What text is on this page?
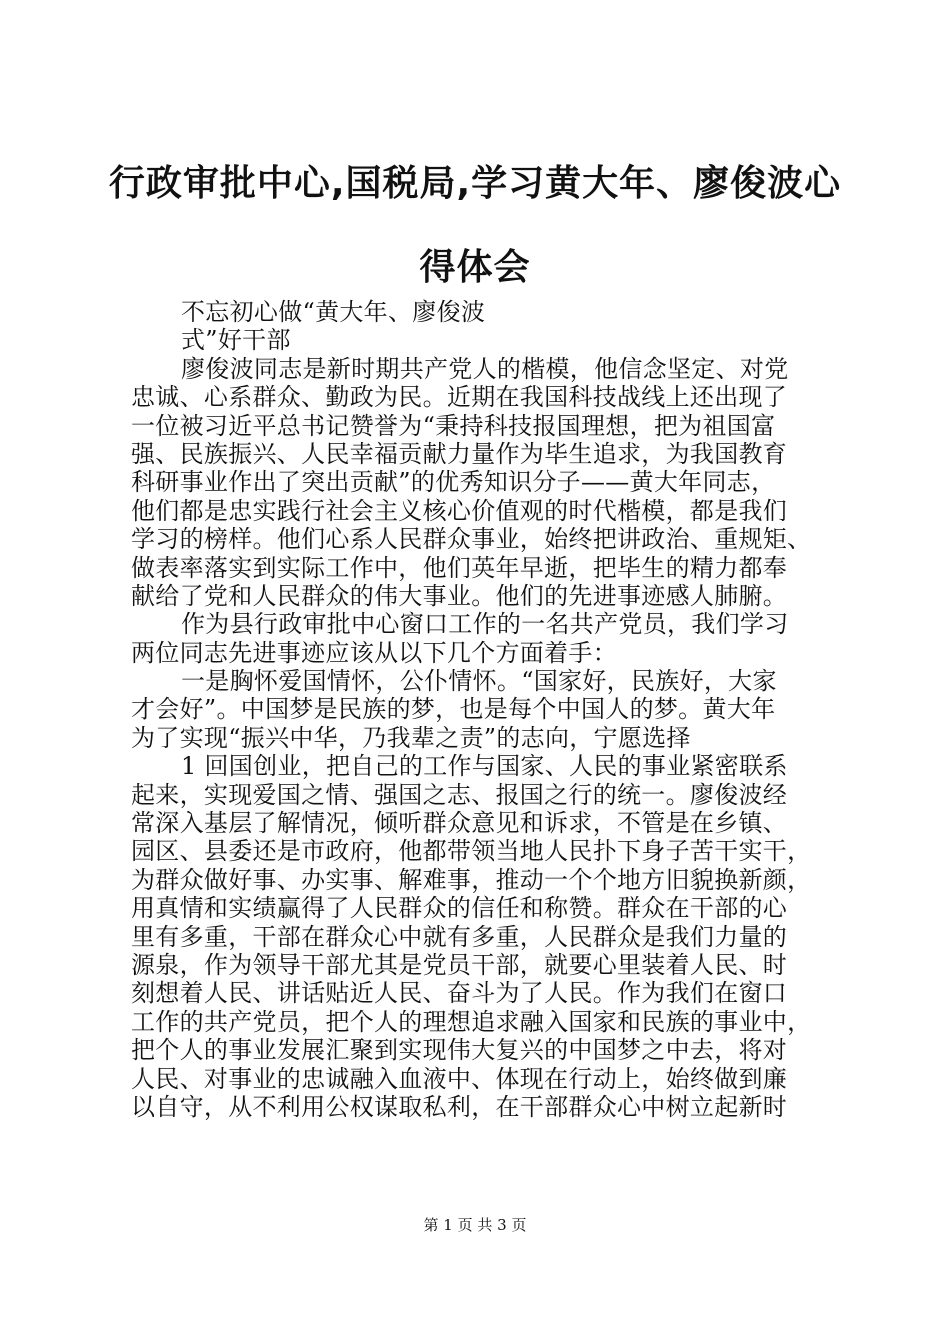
行政审批中心,国税局,学习黄大年、廖俊波心
得体会
不忘初心做“黄大年、廖俊波
式”好干部
廖俊波同志是新时期共产党人的楷模，他信念坚定、对党
忠诚、心系群众、勤政为民。近期在我国科技战线上还出现了
一位被习近平总书记赞誉为“秉持科技报国理想，把为祖国富
强、民族振兴、人民幸福贡献力量作为毕生追求，为我国教育
科研事业作出了突出贡献”的优秀知识分子——黄大年同志，
他们都是忠实践行社会主义核心价值观的时代楷模，都是我们
学习的榜样。他们心系人民群众事业，始终把讲政治、重规矩、
做表率落实到实际工作中，他们英年早逝，把毕生的精力都奉
献给了党和人民群众的伟大事业。他们的先进事迹感人肺腑。
作为县行政审批中心窗口工作的一名共产党员，我们学习
两位同志先进事迹应该从以下几个方面着手：
一是胸怀爱国情怀，公仆情怀。“国家好，民族好，大家
才会好”。中国梦是民族的梦，也是每个中国人的梦。黄大年
为了实现“振兴中华，乃我辈之责”的志向，宁愿选择
1 回国创业，把自己的工作与国家、人民的事业紧密联系
起来，实现爱国之情、强国之志、报国之行的统一。廖俊波经
常深入基层了解情况，倾听群众意见和诉求，不管是在乡镇、
园区、县委还是市政府，他都带领当地人民扑下身子苦干实干，
为群众做好事、办实事、解难事，推动一个个地方旧貌换新颜，
用真情和实绩赢得了人民群众的信任和称赞。群众在干部的心
里有多重，干部在群众心中就有多重，人民群众是我们力量的
源泉，作为领导干部尤其是党员干部，就要心里装着人民、时
刻想着人民、讲话贴近人民、奋斗为了人民。作为我们在窗口
工作的共产党员，把个人的理想追求融入国家和民族的事业中，
把个人的事业发展汇聚到实现伟大复兴的中国梦之中去，将对
人民、对事业的忠诚融入血液中、体现在行动上，始终做到廉
以自守，从不利用公权谋取私利，在干部群众心中树立起新时
第 1 页 共 3 页
